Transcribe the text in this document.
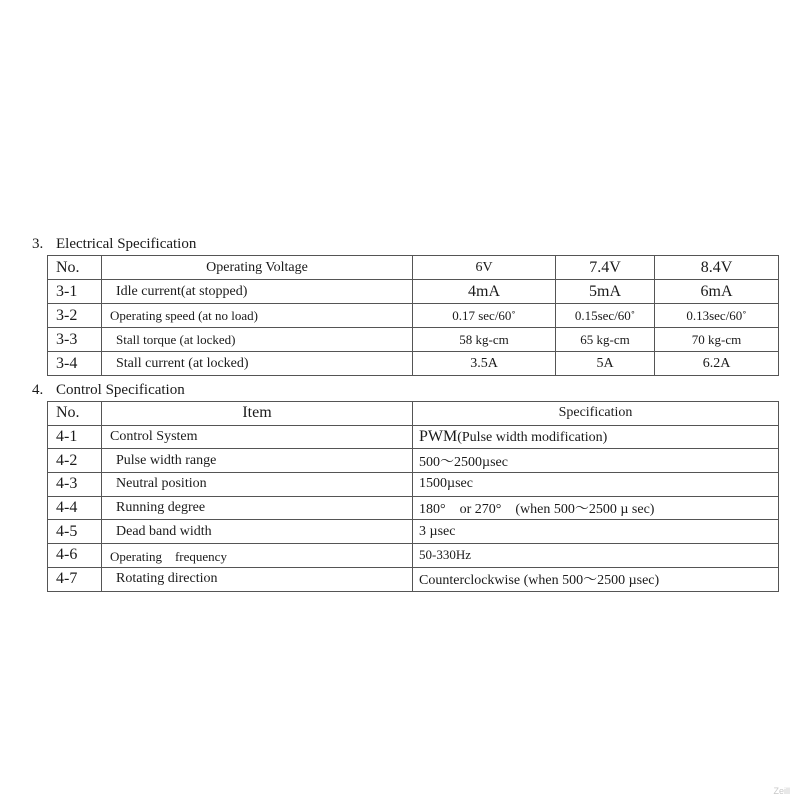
3. Electrical Specification
No.	Operating Voltage	6V	7.4V	8.4V
3-1	Idle current(at stopped)	4mA	5mA	6mA
3-2	Operating speed (at no load)	0.17 sec/60˚	0.15sec/60˚	0.13sec/60˚
3-3	Stall torque (at locked)	58 kg-cm	65 kg-cm	70 kg-cm
3-4	Stall current (at locked)	3.5A	5A	6.2A
4. Control Specification
No.	Item	Specification
4-1	Control System	PWM(Pulse width modification)
4-2	Pulse width range	500～2500µsec
4-3	Neutral position	1500µsec
4-4	Running degree	180°　or 270°　(when 500～2500 µ sec)
4-5	Dead band width	3 µsec
4-6	Operating　frequency	50-330Hz
4-7	Rotating direction	Counterclockwise (when 500～2500 µsec)
Zeill
